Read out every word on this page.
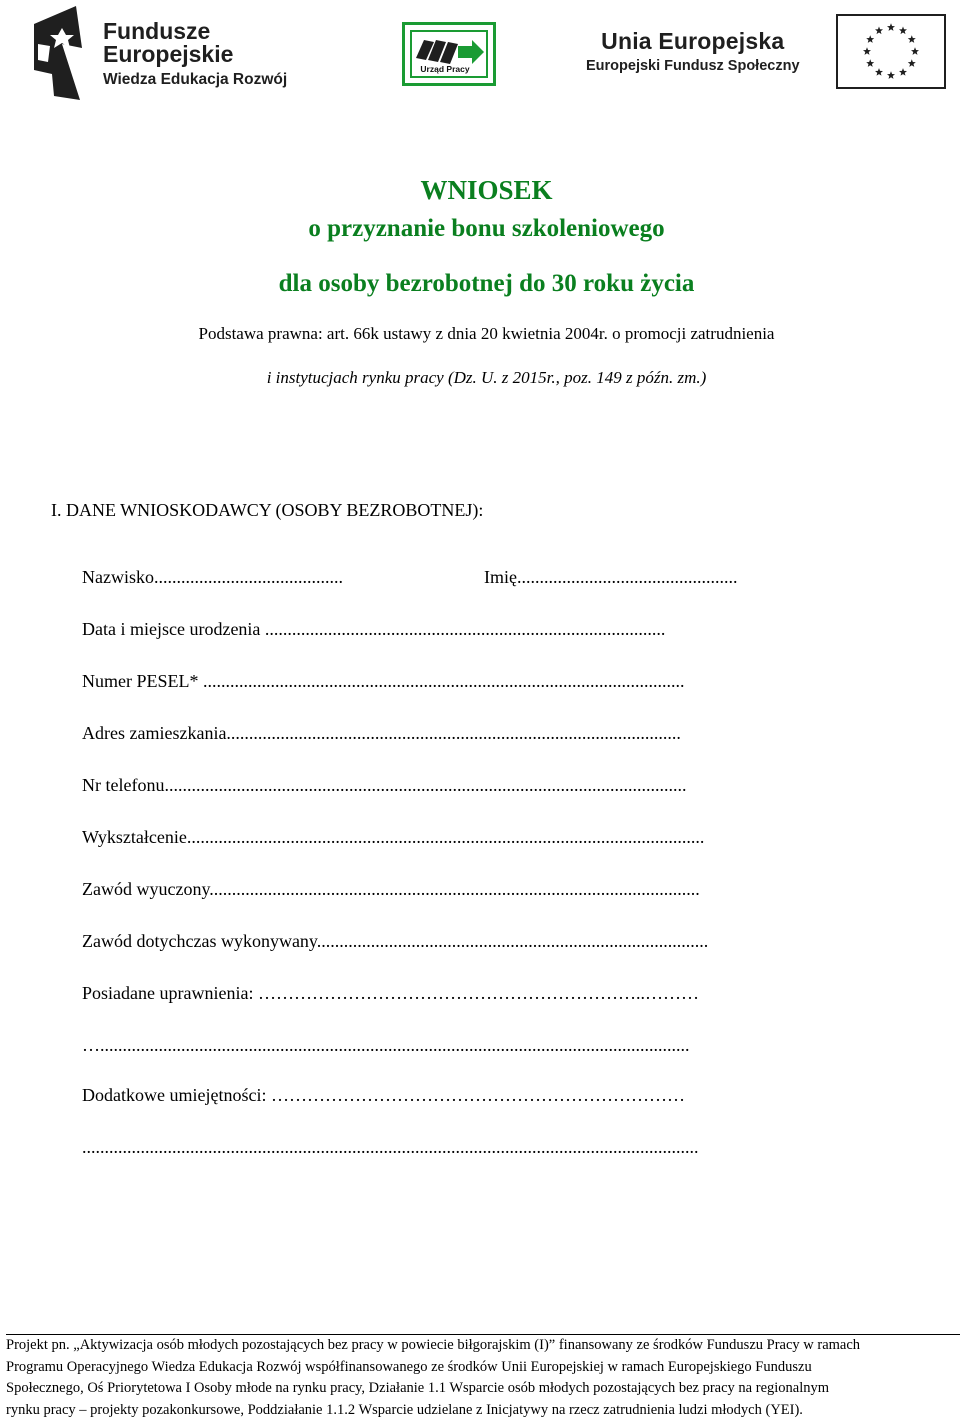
Fundusze
Europejskie
Wiedza Edukacja Rozwój
Urząd Pracy
Unia Europejska
Europejski Fundusz Społeczny
WNIOSEK
o przyznanie bonu szkoleniowego
dla osoby bezrobotnej do 30 roku życia
Podstawa prawna: art. 66k ustawy z dnia 20 kwietnia 2004r. o promocji zatrudnienia
i instytucjach rynku pracy (Dz. U. z 2015r., poz. 149 z późn. zm.)
I. DANE WNIOSKODAWCY (OSOBY BEZROBOTNEJ):
Nazwisko..........................................	Imię.................................................
Data i miejsce urodzenia .........................................................................................
Numer PESEL* ...........................................................................................................
Adres zamieszkania.....................................................................................................
Nr telefonu....................................................................................................................
Wykształcenie...................................................................................................................
Zawód wyuczony.............................................................................................................
Zawód dotychczas wykonywany.......................................................................................
Posiadane uprawnienia: ………………………………………………………..………
…...................................................................................................................................
Dodatkowe umiejętności: ……………………………………………………………
.........................................................................................................................................

Projekt pn. „Aktywizacja osób młodych pozostających bez pracy w powiecie biłgorajskim (I)” finansowany ze środków Funduszu Pracy w ramach

Programu Operacyjnego Wiedza Edukacja Rozwój współfinansowanego ze środków Unii Europejskiej w ramach Europejskiego Funduszu

Społecznego, Oś Priorytetowa I Osoby młode na rynku pracy, Działanie 1.1 Wsparcie osób młodych pozostających bez pracy na regionalnym

rynku pracy – projekty pozakonkursowe, Poddziałanie 1.1.2 Wsparcie udzielane z Inicjatywy na rzecz zatrudnienia ludzi młodych (YEI).
